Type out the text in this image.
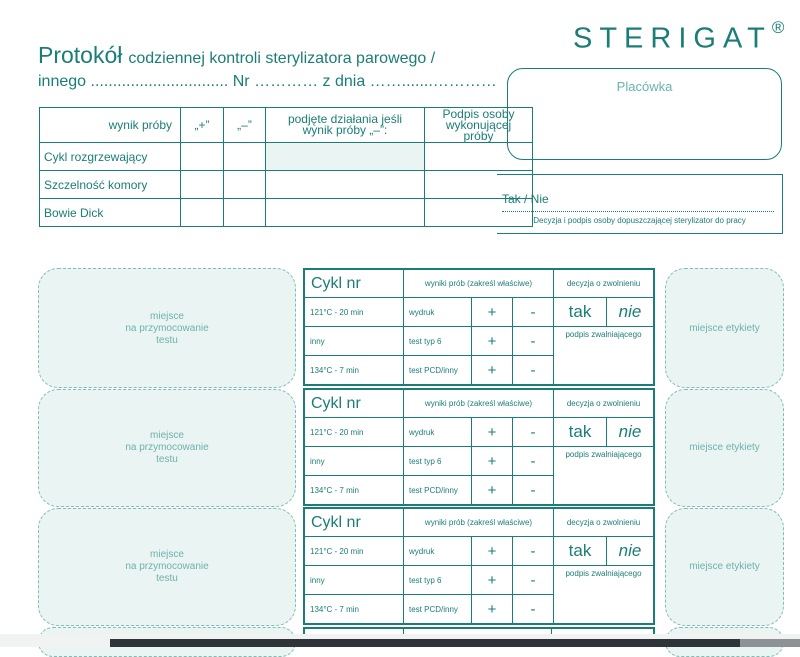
STERIGAT®
Protokół codziennej kontroli sterylizatora parowego /
innego ............................... Nr ………… z dnia …….......…………	Placówka
wynik próby	„+”	„–”	podjęte działania jeśli wynik próby „–”:	Podpis osoby wykonującej próby
Cykl rozgrzewający				
Szczelność komory				
Bowie Dick				
Tak / Nie
Decyzja i podpis osoby dopuszczającej sterylizator do pracy
miejsce
na przymocowanie
testu
miejsce
na przymocowanie
testu
miejsce
na przymocowanie
testu
miejsce etykiety
miejsce etykiety
miejsce etykiety
Cykl nr	wyniki prób (zakreśl właściwe)			decyzja o zwolnieniu	
121°C - 20 min	wydruk	+	-	tak	nie
inny	test typ 6	+	-	podpis zwalniającego	
134°C - 7 min	test PCD/inny	+	-		
Cykl nr	wyniki prób (zakreśl właściwe)			decyzja o zwolnieniu	
121°C - 20 min	wydruk	+	-	tak	nie
inny	test typ 6	+	-	podpis zwalniającego	
134°C - 7 min	test PCD/inny	+	-		
Cykl nr	wyniki prób (zakreśl właściwe)			decyzja o zwolnieniu	
121°C - 20 min	wydruk	+	-	tak	nie
inny	test typ 6	+	-	podpis zwalniającego	
134°C - 7 min	test PCD/inny	+	-		
